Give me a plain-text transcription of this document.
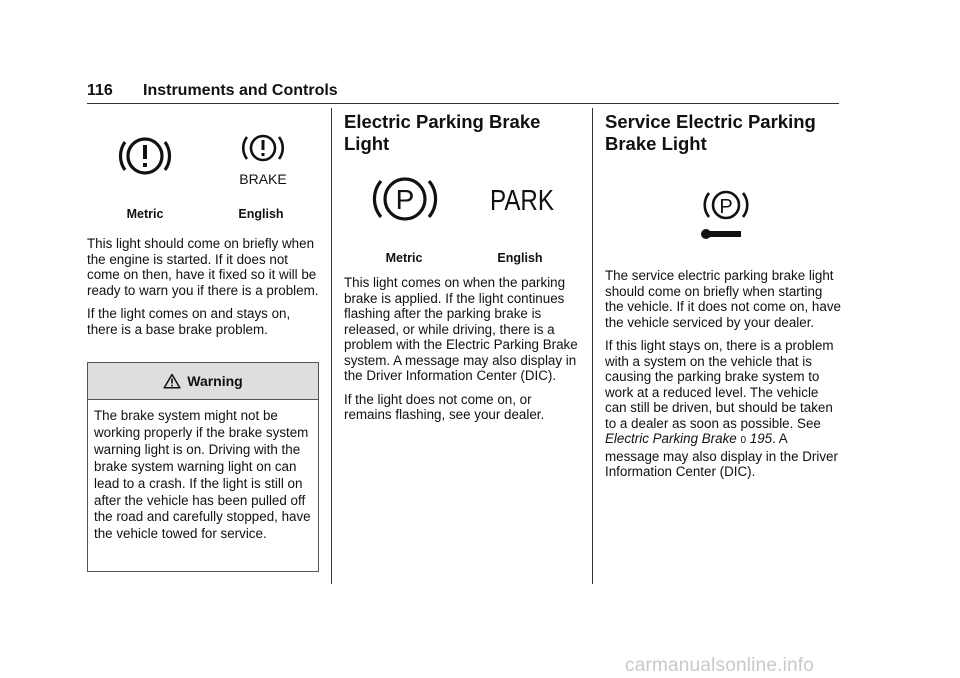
116 Instruments and Controls
BRAKE
Metric	English

This light should come on briefly when the engine is started. If it does not come on then, have it fixed so it will be ready to warn you if there is a problem.

If the light comes on and stays on, there is a base brake problem.

Warning
The brake system might not be working properly if the brake system warning light is on. Driving with the brake system warning light on can lead to a crash. If the light is still on after the vehicle has been pulled off the road and carefully stopped, have the vehicle towed for service.
Electric Parking Brake Light
P	PARK
Metric	English

This light comes on when the parking brake is applied. If the light continues flashing after the parking brake is released, or while driving, there is a problem with the Electric Parking Brake system. A message may also display in the Driver Information Center (DIC).

If the light does not come on, or remains flashing, see your dealer.

Service Electric Parking Brake Light
P

The service electric parking brake light should come on briefly when starting the vehicle. If it does not come on, have the vehicle serviced by your dealer.

If this light stays on, there is a problem with a system on the vehicle that is causing the parking brake system to work at a reduced level. The vehicle can still be driven, but should be taken to a dealer as soon as possible. See Electric Parking Brake 0 195. A message may also display in the Driver Information Center (DIC).

carmanualsonline.info
